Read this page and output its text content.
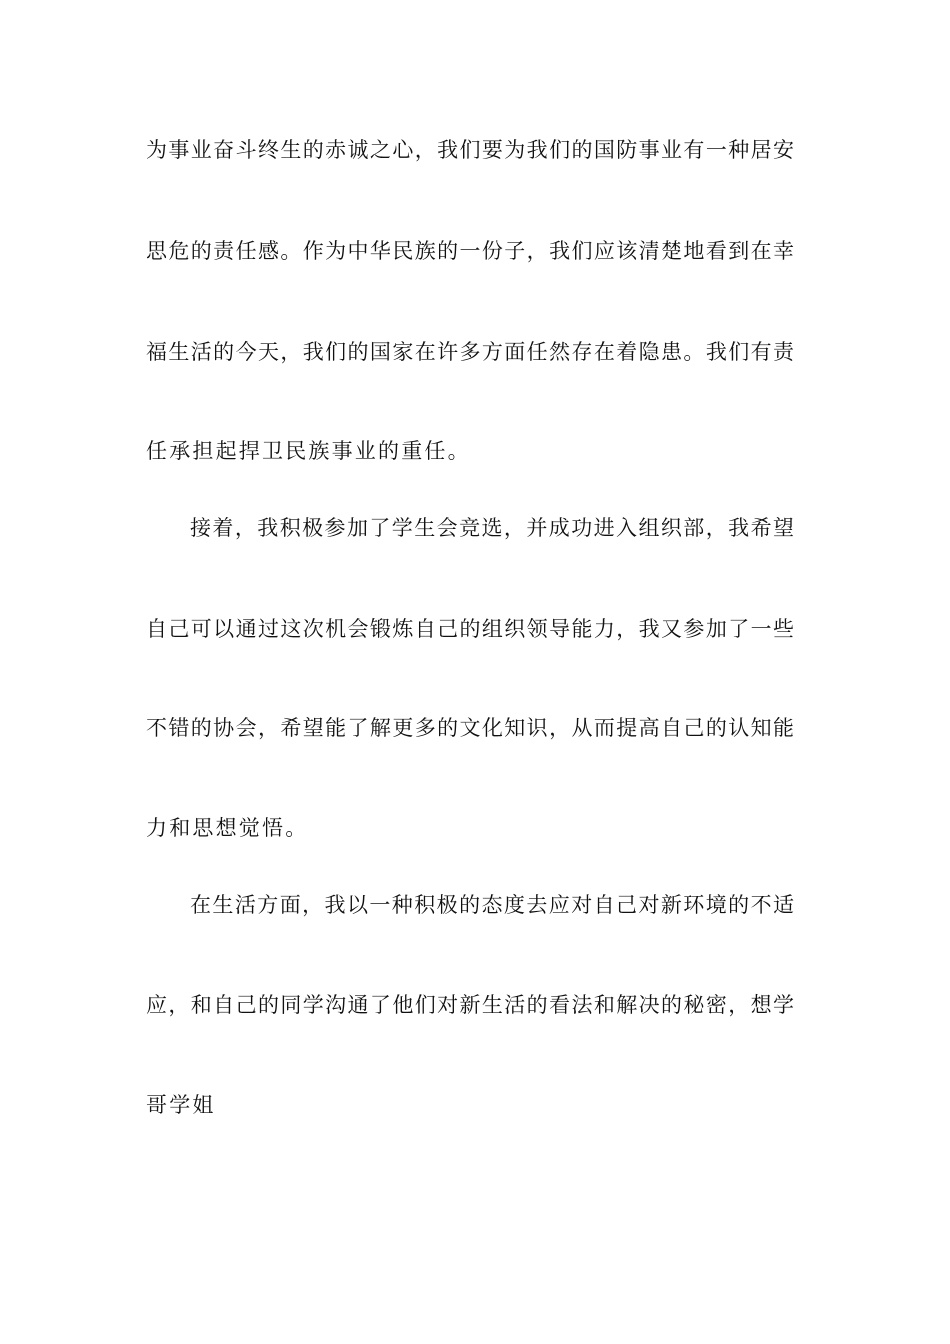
为事业奋斗终生的赤诚之心，我们要为我们的国防事业有一种居安
思危的责任感。作为中华民族的一份子，我们应该清楚地看到在幸
福生活的今天，我们的国家在许多方面任然存在着隐患。我们有责
任承担起捍卫民族事业的重任。
接着，我积极参加了学生会竞选，并成功进入组织部，我希望
自己可以通过这次机会锻炼自己的组织领导能力，我又参加了一些
不错的协会，希望能了解更多的文化知识，从而提高自己的认知能
力和思想觉悟。
在生活方面，我以一种积极的态度去应对自己对新环境的不适
应，和自己的同学沟通了他们对新生活的看法和解决的秘密，想学
哥学姐
